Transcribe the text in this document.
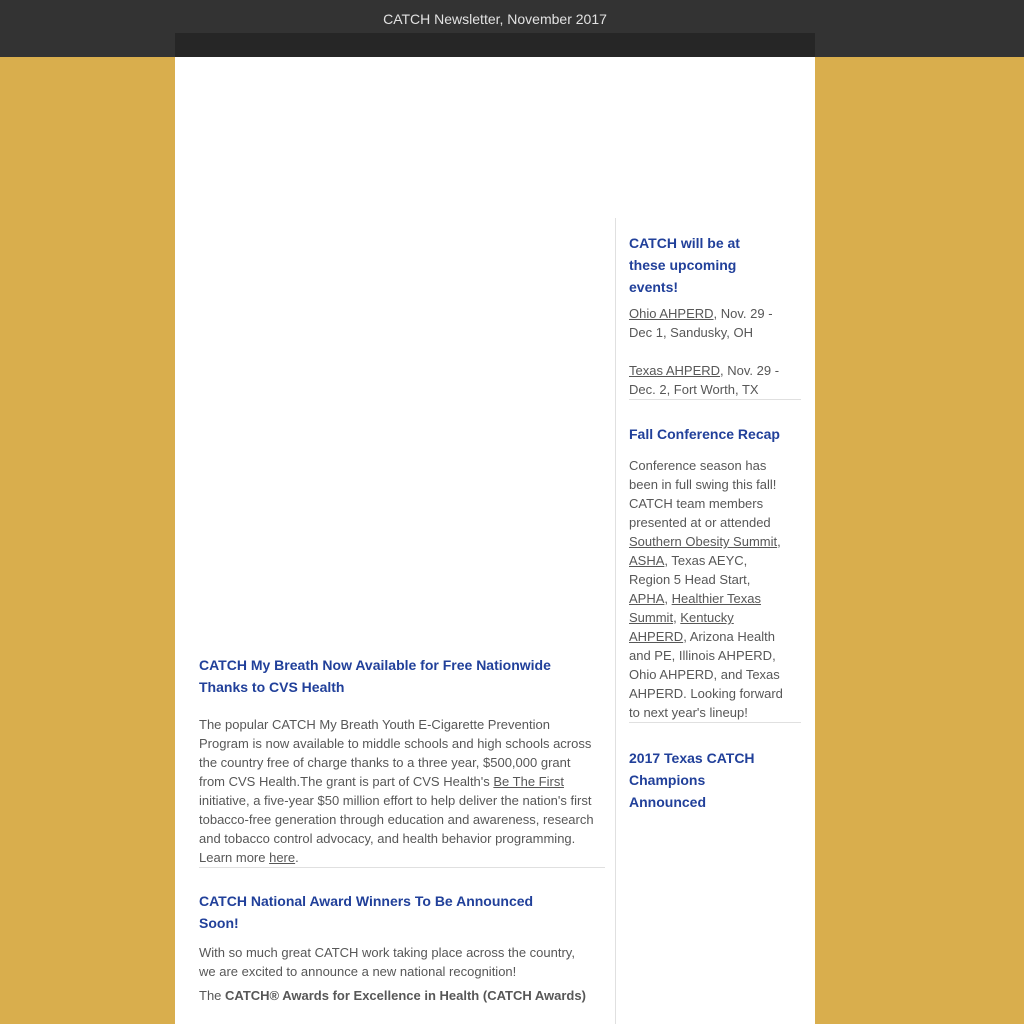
CATCH Newsletter, November 2017
CATCH My Breath Now Available for Free Nationwide
Thanks to CVS Health

The popular CATCH My Breath Youth E-Cigarette Prevention
Program is now available to middle schools and high schools across
the country free of charge thanks to a three year, $500,000 grant
from CVS Health.The grant is part of CVS Health's Be The First
initiative, a five-year $50 million effort to help deliver the nation's first
tobacco-free generation through education and awareness, research
and tobacco control advocacy, and health behavior programming.
Learn more here.

CATCH National Award Winners To Be Announced
Soon!

With so much great CATCH work taking place across the country,
we are excited to announce a new national recognition!

The CATCH® Awards for Excellence in Health (CATCH Awards)

CATCH will be at
these upcoming
events!

Ohio AHPERD, Nov. 29 -
Dec 1, Sandusky, OH

Texas AHPERD, Nov. 29 -
Dec. 2, Fort Worth, TX

Fall Conference Recap

Conference season has
been in full swing this fall!
CATCH team members
presented at or attended
Southern Obesity Summit,
ASHA, Texas AEYC,
Region 5 Head Start,
APHA, Healthier Texas
Summit, Kentucky
AHPERD, Arizona Health
and PE, Illinois AHPERD,
Ohio AHPERD, and Texas
AHPERD. Looking forward
to next year's lineup!

2017 Texas CATCH
Champions
Announced
